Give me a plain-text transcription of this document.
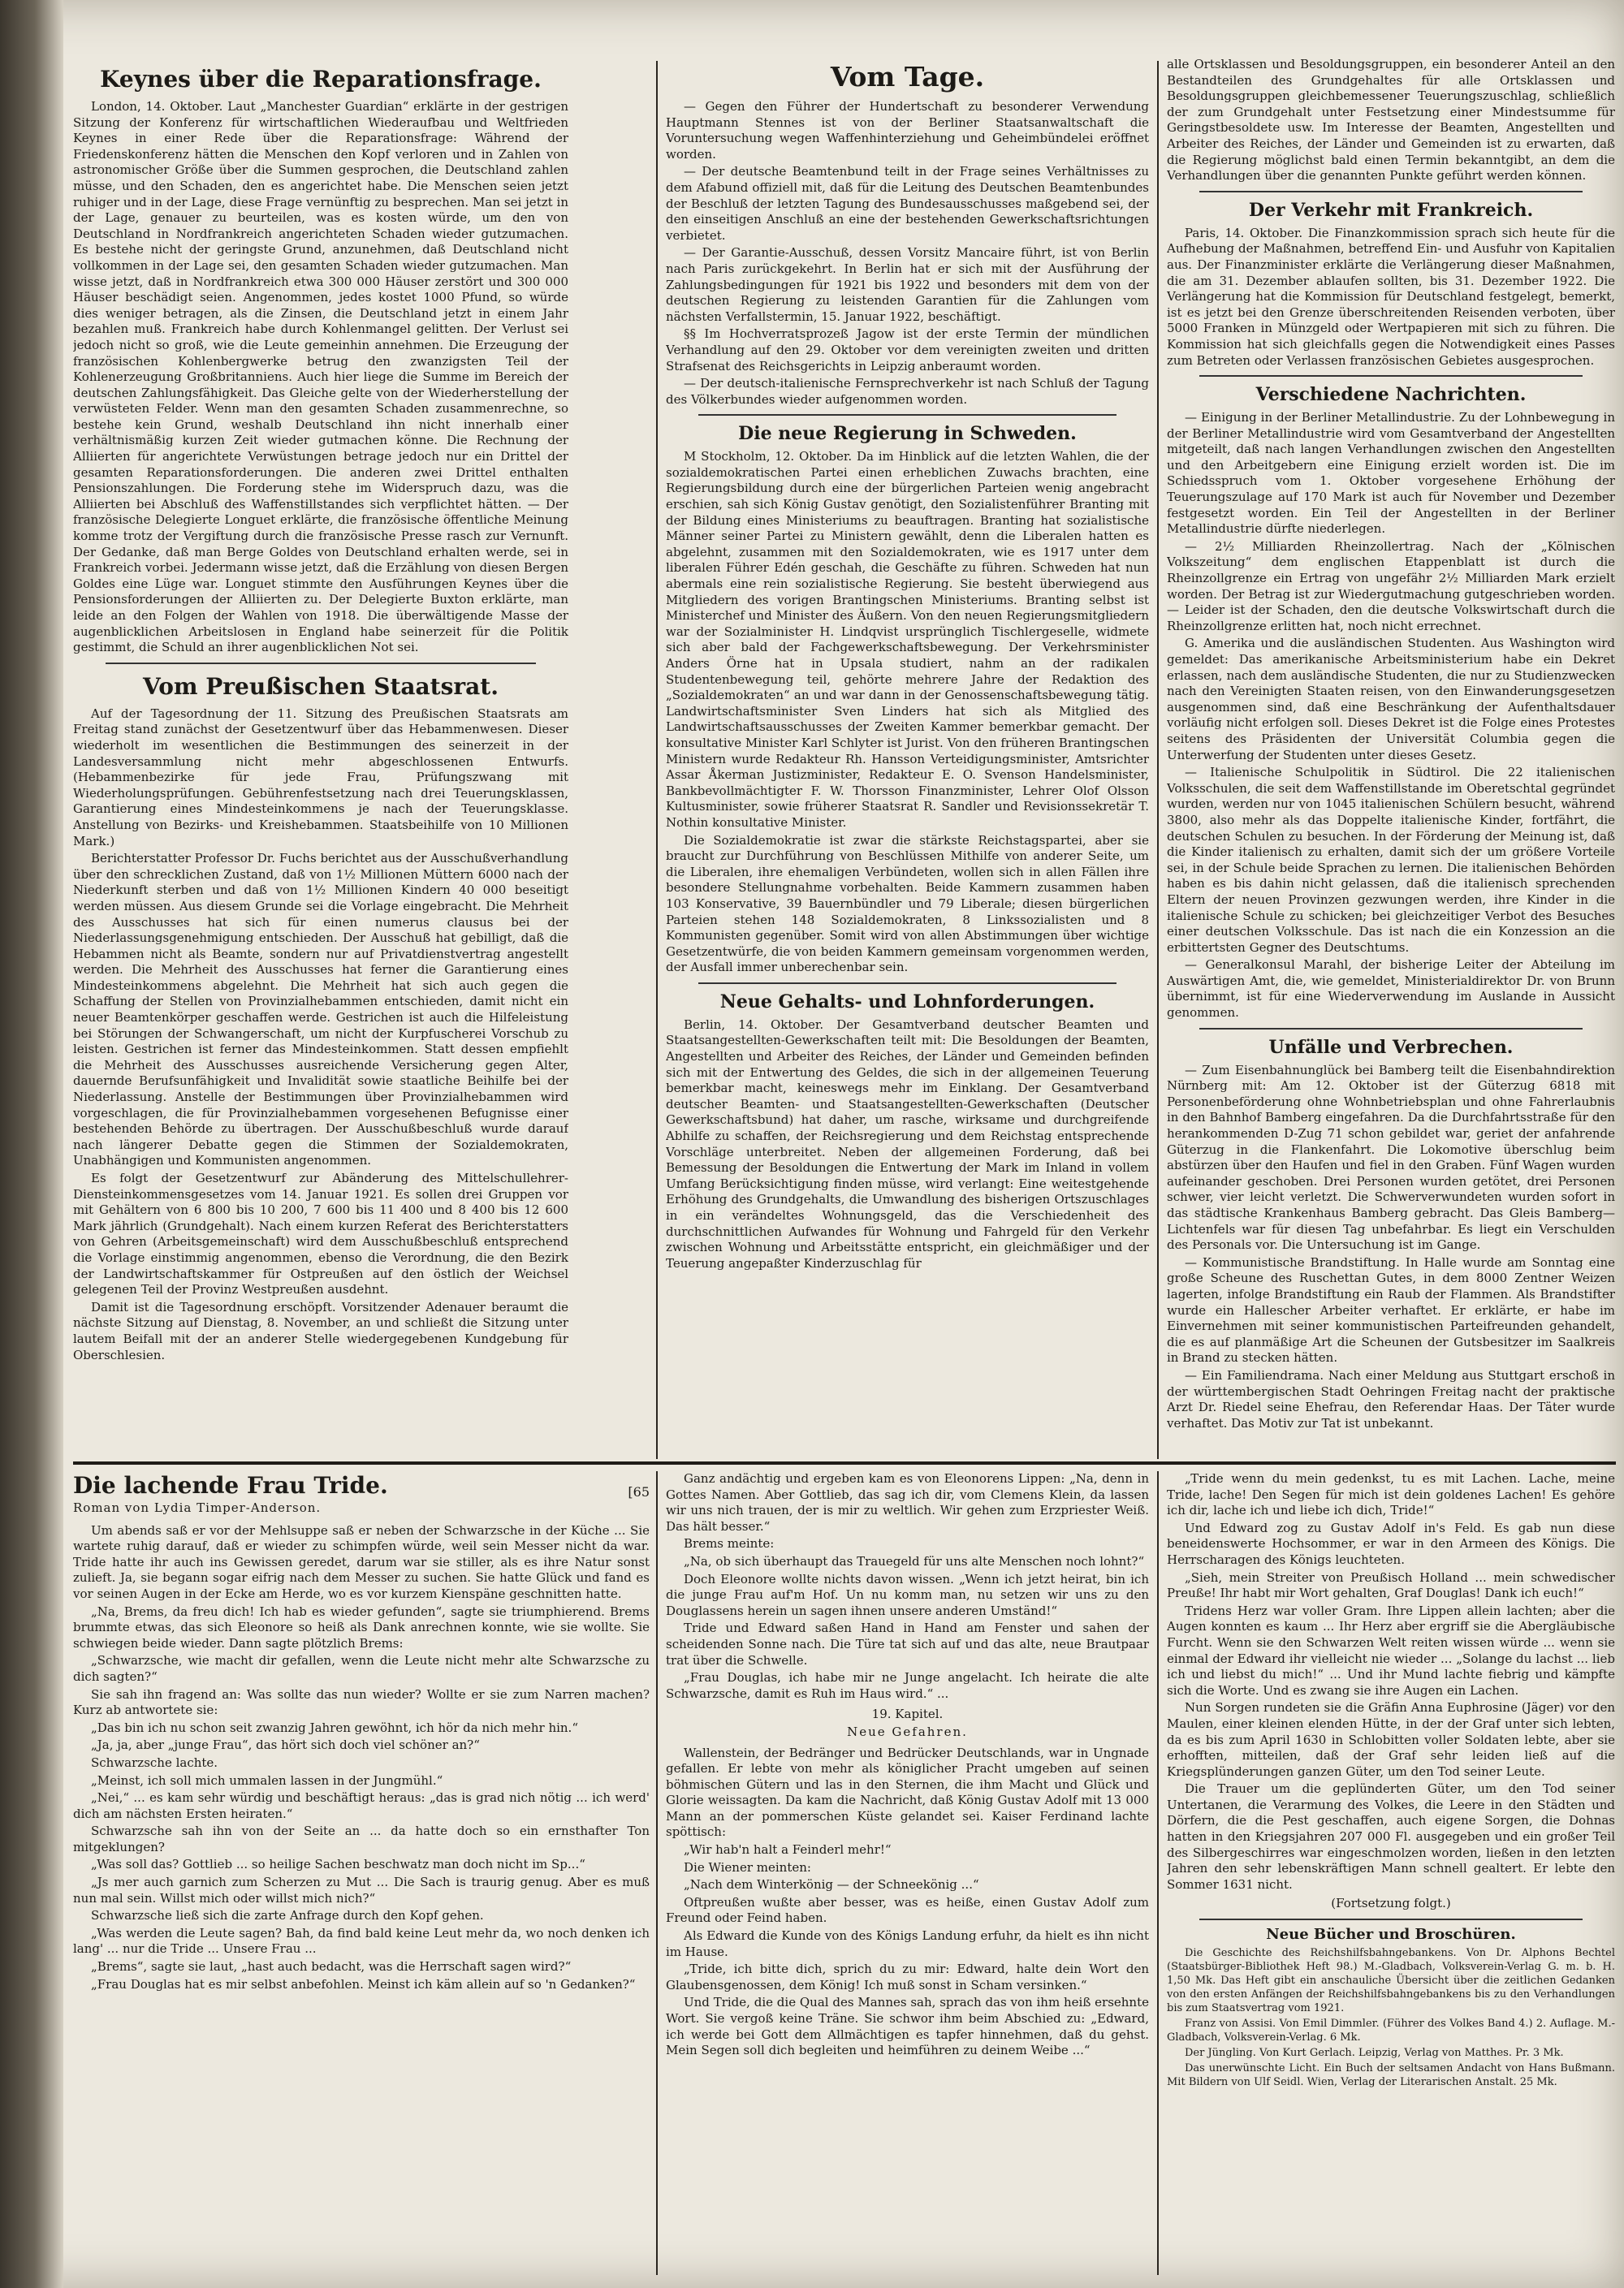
Keynes über die Reparationsfrage.
London, 14. Oktober. Laut „Manchester Guardian“ erklärte in der gestrigen Sitzung der Konferenz für wirtschaftlichen Wiederaufbau und Weltfrieden Keynes in einer Rede über die Reparationsfrage: Während der Friedenskonferenz hätten die Menschen den Kopf verloren und in Zahlen von astronomischer Größe über die Summen gesprochen, die Deutschland zahlen müsse, und den Schaden, den es angerichtet habe. Die Menschen seien jetzt ruhiger und in der Lage, diese Frage vernünftig zu besprechen. Man sei jetzt in der Lage, genauer zu beurteilen, was es kosten würde, um den von Deutschland in Nordfrankreich angerichteten Schaden wieder gutzumachen. Es bestehe nicht der geringste Grund, anzunehmen, daß Deutschland nicht vollkommen in der Lage sei, den gesamten Schaden wieder gutzumachen. Man wisse jetzt, daß in Nordfrankreich etwa 300 000 Häuser zerstört und 300 000 Häuser beschädigt seien. Angenommen, jedes kostet 1000 Pfund, so würde dies weniger betragen, als die Zinsen, die Deutschland jetzt in einem Jahr bezahlen muß. Frankreich habe durch Kohlenmangel gelitten. Der Verlust sei jedoch nicht so groß, wie die Leute gemeinhin annehmen. Die Erzeugung der französischen Kohlenbergwerke betrug den zwanzigsten Teil der Kohlenerzeugung Großbritanniens. Auch hier liege die Summe im Bereich der deutschen Zahlungsfähigkeit. Das Gleiche gelte von der Wiederherstellung der verwüsteten Felder. Wenn man den gesamten Schaden zusammenrechne, so bestehe kein Grund, weshalb Deutschland ihn nicht innerhalb einer verhältnismäßig kurzen Zeit wieder gutmachen könne. Die Rechnung der Alliierten für angerichtete Verwüstungen betrage jedoch nur ein Drittel der gesamten Reparationsforderungen. Die anderen zwei Drittel enthalten Pensionszahlungen. Die Forderung stehe im Widerspruch dazu, was die Alliierten bei Abschluß des Waffenstillstandes sich verpflichtet hätten. — Der französische Delegierte Longuet erklärte, die französische öffentliche Meinung komme trotz der Vergiftung durch die französische Presse rasch zur Vernunft. Der Gedanke, daß man Berge Goldes von Deutschland erhalten werde, sei in Frankreich vorbei. Jedermann wisse jetzt, daß die Erzählung von diesen Bergen Goldes eine Lüge war. Longuet stimmte den Ausführungen Keynes über die Pensionsforderungen der Alliierten zu. Der Delegierte Buxton erklärte, man leide an den Folgen der Wahlen von 1918. Die überwältigende Masse der augenblicklichen Arbeitslosen in England habe seinerzeit für die Politik gestimmt, die Schuld an ihrer augenblicklichen Not sei.
Vom Preußischen Staatsrat.
Auf der Tagesordnung der 11. Sitzung des Preußischen Staatsrats am Freitag stand zunächst der Gesetzentwurf über das Hebammenwesen. Dieser wiederholt im wesentlichen die Bestimmungen des seinerzeit in der Landesversammlung nicht mehr abgeschlossenen Entwurfs. (Hebammenbezirke für jede Frau, Prüfungszwang mit Wiederholungsprüfungen. Gebührenfestsetzung nach drei Teuerungsklassen, Garantierung eines Mindesteinkommens je nach der Teuerungsklasse. Anstellung von Bezirks- und Kreishebammen. Staatsbeihilfe von 10 Millionen Mark.)
Berichterstatter Professor Dr. Fuchs berichtet aus der Ausschußverhandlung über den schrecklichen Zustand, daß von 1½ Millionen Müttern 6000 nach der Niederkunft sterben und daß von 1½ Millionen Kindern 40 000 beseitigt werden müssen. Aus diesem Grunde sei die Vorlage eingebracht. Die Mehrheit des Ausschusses hat sich für einen numerus clausus bei der Niederlassungsgenehmigung entschieden. Der Ausschuß hat gebilligt, daß die Hebammen nicht als Beamte, sondern nur auf Privatdienstvertrag angestellt werden. Die Mehrheit des Ausschusses hat ferner die Garantierung eines Mindesteinkommens abgelehnt. Die Mehrheit hat sich auch gegen die Schaffung der Stellen von Provinzialhebammen entschieden, damit nicht ein neuer Beamtenkörper geschaffen werde. Gestrichen ist auch die Hilfeleistung bei Störungen der Schwangerschaft, um nicht der Kurpfuscherei Vorschub zu leisten. Gestrichen ist ferner das Mindesteinkommen. Statt dessen empfiehlt die Mehrheit des Ausschusses ausreichende Versicherung gegen Alter, dauernde Berufsunfähigkeit und Invalidität sowie staatliche Beihilfe bei der Niederlassung. Anstelle der Bestimmungen über Provinzialhebammen wird vorgeschlagen, die für Provinzialhebammen vorgesehenen Befugnisse einer bestehenden Behörde zu übertragen. Der Ausschußbeschluß wurde darauf nach längerer Debatte gegen die Stimmen der Sozialdemokraten, Unabhängigen und Kommunisten angenommen.
Es folgt der Gesetzentwurf zur Abänderung des Mittelschullehrer-Diensteinkommensgesetzes vom 14. Januar 1921. Es sollen drei Gruppen vor mit Gehältern von 6 800 bis 10 200, 7 600 bis 11 400 und 8 400 bis 12 600 Mark jährlich (Grundgehalt). Nach einem kurzen Referat des Berichterstatters von Gehren (Arbeitsgemeinschaft) wird dem Ausschußbeschluß entsprechend die Vorlage einstimmig angenommen, ebenso die Verordnung, die den Bezirk der Landwirtschaftskammer für Ostpreußen auf den östlich der Weichsel gelegenen Teil der Provinz Westpreußen ausdehnt.
Damit ist die Tagesordnung erschöpft. Vorsitzender Adenauer beraumt die nächste Sitzung auf Dienstag, 8. November, an und schließt die Sitzung unter lautem Beifall mit der an anderer Stelle wiedergegebenen Kundgebung für Oberschlesien.
Vom Tage.
— Gegen den Führer der Hundertschaft zu besonderer Verwendung Hauptmann Stennes ist von der Berliner Staatsanwaltschaft die Voruntersuchung wegen Waffenhinterziehung und Geheimbündelei eröffnet worden.
— Der deutsche Beamtenbund teilt in der Frage seines Verhältnisses zu dem Afabund offiziell mit, daß für die Leitung des Deutschen Beamtenbundes der Beschluß der letzten Tagung des Bundesausschusses maßgebend sei, der den einseitigen Anschluß an eine der bestehenden Gewerkschaftsrichtungen verbietet.
— Der Garantie-Ausschuß, dessen Vorsitz Mancaire führt, ist von Berlin nach Paris zurückgekehrt. In Berlin hat er sich mit der Ausführung der Zahlungsbedingungen für 1921 bis 1922 und besonders mit dem von der deutschen Regierung zu leistenden Garantien für die Zahlungen vom nächsten Verfallstermin, 15. Januar 1922, beschäftigt.
§§ Im Hochverratsprozeß Jagow ist der erste Termin der mündlichen Verhandlung auf den 29. Oktober vor dem vereinigten zweiten und dritten Strafsenat des Reichsgerichts in Leipzig anberaumt worden.
— Der deutsch-italienische Fernsprechverkehr ist nach Schluß der Tagung des Völkerbundes wieder aufgenommen worden.
Die neue Regierung in Schweden.
M Stockholm, 12. Oktober. Da im Hinblick auf die letzten Wahlen, die der sozialdemokratischen Partei einen erheblichen Zuwachs brachten, eine Regierungsbildung durch eine der bürgerlichen Parteien wenig angebracht erschien, sah sich König Gustav genötigt, den Sozialistenführer Branting mit der Bildung eines Ministeriums zu beauftragen. Branting hat sozialistische Männer seiner Partei zu Ministern gewählt, denn die Liberalen hatten es abgelehnt, zusammen mit den Sozialdemokraten, wie es 1917 unter dem liberalen Führer Edén geschah, die Geschäfte zu führen. Schweden hat nun abermals eine rein sozialistische Regierung. Sie besteht überwiegend aus Mitgliedern des vorigen Brantingschen Ministeriums. Branting selbst ist Ministerchef und Minister des Äußern. Von den neuen Regierungsmitgliedern war der Sozialminister H. Lindqvist ursprünglich Tischlergeselle, widmete sich aber bald der Fachgewerkschaftsbewegung. Der Verkehrsminister Anders Örne hat in Upsala studiert, nahm an der radikalen Studentenbewegung teil, gehörte mehrere Jahre der Redaktion des „Sozialdemokraten“ an und war dann in der Genossenschaftsbewegung tätig. Landwirtschaftsminister Sven Linders hat sich als Mitglied des Landwirtschaftsausschusses der Zweiten Kammer bemerkbar gemacht. Der konsultative Minister Karl Schlyter ist Jurist. Von den früheren Brantingschen Ministern wurde Redakteur Rh. Hansson Verteidigungsminister, Amtsrichter Assar Åkerman Justizminister, Redakteur E. O. Svenson Handelsminister, Bankbevollmächtigter F. W. Thorsson Finanzminister, Lehrer Olof Olsson Kultusminister, sowie früherer Staatsrat R. Sandler und Revisionssekretär T. Nothin konsultative Minister.
Die Sozialdemokratie ist zwar die stärkste Reichstagspartei, aber sie braucht zur Durchführung von Beschlüssen Mithilfe von anderer Seite, um die Liberalen, ihre ehemaligen Verbündeten, wollen sich in allen Fällen ihre besondere Stellungnahme vorbehalten. Beide Kammern zusammen haben 103 Konservative, 39 Bauernbündler und 79 Liberale; diesen bürgerlichen Parteien stehen 148 Sozialdemokraten, 8 Linkssozialisten und 8 Kommunisten gegenüber. Somit wird von allen Abstimmungen über wichtige Gesetzentwürfe, die von beiden Kammern gemeinsam vorgenommen werden, der Ausfall immer unberechenbar sein.
Neue Gehalts- und Lohnforderungen.
Berlin, 14. Oktober. Der Gesamtverband deutscher Beamten und Staatsangestellten-Gewerkschaften teilt mit: Die Besoldungen der Beamten, Angestellten und Arbeiter des Reiches, der Länder und Gemeinden befinden sich mit der Entwertung des Geldes, die sich in der allgemeinen Teuerung bemerkbar macht, keineswegs mehr im Einklang. Der Gesamtverband deutscher Beamten- und Staatsangestellten-Gewerkschaften (Deutscher Gewerkschaftsbund) hat daher, um rasche, wirksame und durchgreifende Abhilfe zu schaffen, der Reichsregierung und dem Reichstag entsprechende Vorschläge unterbreitet. Neben der allgemeinen Forderung, daß bei Bemessung der Besoldungen die Entwertung der Mark im Inland in vollem Umfang Berücksichtigung finden müsse, wird verlangt: Eine weitestgehende Erhöhung des Grundgehalts, die Umwandlung des bisherigen Ortszuschlages in ein verändeltes Wohnungsgeld, das die Verschiedenheit des durchschnittlichen Aufwandes für Wohnung und Fahrgeld für den Verkehr zwischen Wohnung und Arbeitsstätte entspricht, ein gleichmäßiger und der Teuerung angepaßter Kinderzuschlag für
alle Ortsklassen und Besoldungsgruppen, ein besonderer Anteil an den Bestandteilen des Grundgehaltes für alle Ortsklassen und Besoldungsgruppen gleichbemessener Teuerungszuschlag, schließlich der zum Grundgehalt unter Festsetzung einer Mindestsumme für Geringstbesoldete usw. Im Interesse der Beamten, Angestellten und Arbeiter des Reiches, der Länder und Gemeinden ist zu erwarten, daß die Regierung möglichst bald einen Termin bekanntgibt, an dem die Verhandlungen über die genannten Punkte geführt werden können.
Der Verkehr mit Frankreich.
Paris, 14. Oktober. Die Finanzkommission sprach sich heute für die Aufhebung der Maßnahmen, betreffend Ein- und Ausfuhr von Kapitalien aus. Der Finanzminister erklärte die Verlängerung dieser Maßnahmen, die am 31. Dezember ablaufen sollten, bis 31. Dezember 1922. Die Verlängerung hat die Kommission für Deutschland festgelegt, bemerkt, ist es jetzt bei den Grenze überschreitenden Reisenden verboten, über 5000 Franken in Münzgeld oder Wertpapieren mit sich zu führen. Die Kommission hat sich gleichfalls gegen die Notwendigkeit eines Passes zum Betreten oder Verlassen französischen Gebietes ausgesprochen.
Verschiedene Nachrichten.
— Einigung in der Berliner Metallindustrie. Zu der Lohnbewegung in der Berliner Metallindustrie wird vom Gesamtverband der Angestellten mitgeteilt, daß nach langen Verhandlungen zwischen den Angestellten und den Arbeitgebern eine Einigung erzielt worden ist. Die im Schiedsspruch vom 1. Oktober vorgesehene Erhöhung der Teuerungszulage auf 170 Mark ist auch für November und Dezember festgesetzt worden. Ein Teil der Angestellten in der Berliner Metallindustrie dürfte niederlegen.
— 2½ Milliarden Rheinzollertrag. Nach der „Kölnischen Volkszeitung“ dem englischen Etappenblatt ist durch die Rheinzollgrenze ein Ertrag von ungefähr 2½ Milliarden Mark erzielt worden. Der Betrag ist zur Wiedergutmachung gutgeschrieben worden. — Leider ist der Schaden, den die deutsche Volkswirtschaft durch die Rheinzollgrenze erlitten hat, noch nicht errechnet.
G. Amerika und die ausländischen Studenten. Aus Washington wird gemeldet: Das amerikanische Arbeitsministerium habe ein Dekret erlassen, nach dem ausländische Studenten, die nur zu Studienzwecken nach den Vereinigten Staaten reisen, von den Einwanderungsgesetzen ausgenommen sind, daß eine Beschränkung der Aufenthaltsdauer vorläufig nicht erfolgen soll. Dieses Dekret ist die Folge eines Protestes seitens des Präsidenten der Universität Columbia gegen die Unterwerfung der Studenten unter dieses Gesetz.
— Italienische Schulpolitik in Südtirol. Die 22 italienischen Volksschulen, die seit dem Waffenstillstande im Oberetschtal gegründet wurden, werden nur von 1045 italienischen Schülern besucht, während 3800, also mehr als das Doppelte italienische Kinder, fortfährt, die deutschen Schulen zu besuchen. In der Förderung der Meinung ist, daß die Kinder italienisch zu erhalten, damit sich der um größere Vorteile sei, in der Schule beide Sprachen zu lernen. Die italienischen Behörden haben es bis dahin nicht gelassen, daß die italienisch sprechenden Eltern der neuen Provinzen gezwungen werden, ihre Kinder in die italienische Schule zu schicken; bei gleichzeitiger Verbot des Besuches einer deutschen Volksschule. Das ist nach die ein Konzession an die erbittertsten Gegner des Deutschtums.
— Generalkonsul Marahl, der bisherige Leiter der Abteilung im Auswärtigen Amt, die, wie gemeldet, Ministerialdirektor Dr. von Brunn übernimmt, ist für eine Wiederverwendung im Auslande in Aussicht genommen.
Unfälle und Verbrechen.
— Zum Eisenbahnunglück bei Bamberg teilt die Eisenbahndirektion Nürnberg mit: Am 12. Oktober ist der Güterzug 6818 mit Personenbeförderung ohne Wohnbetriebsplan und ohne Fahrerlaubnis in den Bahnhof Bamberg eingefahren. Da die Durchfahrtsstraße für den herankommenden D-Zug 71 schon gebildet war, geriet der anfahrende Güterzug in die Flankenfahrt. Die Lokomotive überschlug beim abstürzen über den Haufen und fiel in den Graben. Fünf Wagen wurden aufeinander geschoben. Drei Personen wurden getötet, drei Personen schwer, vier leicht verletzt. Die Schwerverwundeten wurden sofort in das städtische Krankenhaus Bamberg gebracht. Das Gleis Bamberg—Lichtenfels war für diesen Tag unbefahrbar. Es liegt ein Verschulden des Personals vor. Die Untersuchung ist im Gange.
— Kommunistische Brandstiftung. In Halle wurde am Sonntag eine große Scheune des Ruschettan Gutes, in dem 8000 Zentner Weizen lagerten, infolge Brandstiftung ein Raub der Flammen. Als Brandstifter wurde ein Hallescher Arbeiter verhaftet. Er erklärte, er habe im Einvernehmen mit seiner kommunistischen Parteifreunden gehandelt, die es auf planmäßige Art die Scheunen der Gutsbesitzer im Saalkreis in Brand zu stecken hätten.
— Ein Familiendrama. Nach einer Meldung aus Stuttgart erschoß in der württembergischen Stadt Oehringen Freitag nacht der praktische Arzt Dr. Riedel seine Ehefrau, den Referendar Haas. Der Täter wurde verhaftet. Das Motiv zur Tat ist unbekannt.
Die lachende Frau Tride.	[65
Roman von Lydia Timper-Anderson.
Um abends saß er vor der Mehlsuppe saß er neben der Schwarzsche in der Küche ... Sie wartete ruhig darauf, daß er wieder zu schimpfen würde, weil sein Messer nicht da war. Tride hatte ihr auch ins Gewissen geredet, darum war sie stiller, als es ihre Natur sonst zulieft. Ja, sie begann sogar eifrig nach dem Messer zu suchen. Sie hatte Glück und fand es vor seinen Augen in der Ecke am Herde, wo es vor kurzem Kienspäne geschnitten hatte.
„Na, Brems, da freu dich! Ich hab es wieder gefunden“, sagte sie triumphierend. Brems brummte etwas, das sich Eleonore so heiß als Dank anrechnen konnte, wie sie wollte. Sie schwiegen beide wieder. Dann sagte plötzlich Brems:
„Schwarzsche, wie macht dir gefallen, wenn die Leute nicht mehr alte Schwarzsche zu dich sagten?“
Sie sah ihn fragend an: Was sollte das nun wieder? Wollte er sie zum Narren machen? Kurz ab antwortete sie:
„Das bin ich nu schon seit zwanzig Jahren gewöhnt, ich hör da nich mehr hin.“
„Ja, ja, aber „junge Frau“, das hört sich doch viel schöner an?“
Schwarzsche lachte.
„Meinst, ich soll mich ummalen lassen in der Jungmühl.“
„Nei,“ ... es kam sehr würdig und beschäftigt heraus: „das is grad nich nötig ... ich werd' dich am nächsten Ersten heiraten.“
Schwarzsche sah ihn von der Seite an ... da hatte doch so ein ernsthafter Ton mitgeklungen?
„Was soll das? Gottlieb ... so heilige Sachen beschwatz man doch nicht im Sp...“
„Js mer auch garnich zum Scherzen zu Mut ... Die Sach is traurig genug. Aber es muß nun mal sein. Willst mich oder willst mich nich?“
Schwarzsche ließ sich die zarte Anfrage durch den Kopf gehen.
„Was werden die Leute sagen? Bah, da find bald keine Leut mehr da, wo noch denken ich lang' ... nur die Tride ... Unsere Frau ...
„Brems“, sagte sie laut, „hast auch bedacht, was die Herrschaft sagen wird?“
„Frau Douglas hat es mir selbst anbefohlen. Meinst ich käm allein auf so 'n Gedanken?“
Ganz andächtig und ergeben kam es von Eleonorens Lippen: „Na, denn in Gottes Namen. Aber Gottlieb, das sag ich dir, vom Clemens Klein, da lassen wir uns nich trauen, der is mir zu weltlich. Wir gehen zum Erzpriester Weiß. Das hält besser.“
Brems meinte:
„Na, ob sich überhaupt das Trauegeld für uns alte Menschen noch lohnt?“
Doch Eleonore wollte nichts davon wissen. „Wenn ich jetzt heirat, bin ich die junge Frau auf'm Hof. Un nu komm man, nu setzen wir uns zu den Douglassens herein un sagen ihnen unsere anderen Umständ!“
Tride und Edward saßen Hand in Hand am Fenster und sahen der scheidenden Sonne nach. Die Türe tat sich auf und das alte, neue Brautpaar trat über die Schwelle.
„Frau Douglas, ich habe mir ne Junge angelacht. Ich heirate die alte Schwarzsche, damit es Ruh im Haus wird.“ ...
19. Kapitel.
Neue Gefahren.
Wallenstein, der Bedränger und Bedrücker Deutschlands, war in Ungnade gefallen. Er lebte von mehr als königlicher Pracht umgeben auf seinen böhmischen Gütern und las in den Sternen, die ihm Macht und Glück und Glorie weissagten. Da kam die Nachricht, daß König Gustav Adolf mit 13 000 Mann an der pommerschen Küste gelandet sei. Kaiser Ferdinand lachte spöttisch:
„Wir hab'n halt a Feinderl mehr!“
Die Wiener meinten:
„Nach dem Winterkönig — der Schneekönig ...“
Oftpreußen wußte aber besser, was es heiße, einen Gustav Adolf zum Freund oder Feind haben.
Als Edward die Kunde von des Königs Landung erfuhr, da hielt es ihn nicht im Hause.
„Tride, ich bitte dich, sprich du zu mir: Edward, halte dein Wort den Glaubensgenossen, dem König! Ich muß sonst in Scham versinken.“
Und Tride, die die Qual des Mannes sah, sprach das von ihm heiß ersehnte Wort. Sie vergoß keine Träne. Sie schwor ihm beim Abschied zu: „Edward, ich werde bei Gott dem Allmächtigen es tapfer hinnehmen, daß du gehst. Mein Segen soll dich begleiten und heimführen zu deinem Weibe ...“
„Tride wenn du mein gedenkst, tu es mit Lachen. Lache, meine Tride, lache! Den Segen für mich ist dein goldenes Lachen! Es gehöre ich dir, lache ich und liebe ich dich, Tride!“
Und Edward zog zu Gustav Adolf in's Feld. Es gab nun diese beneidenswerte Hochsommer, er war in den Armeen des Königs. Die Herrscharagen des Königs leuchteten.
„Sieh, mein Streiter von Preußisch Holland ... mein schwedischer Preuße! Ihr habt mir Wort gehalten, Graf Douglas! Dank ich euch!“
Tridens Herz war voller Gram. Ihre Lippen allein lachten; aber die Augen konnten es kaum ... Ihr Herz aber ergriff sie die Abergläubische Furcht. Wenn sie den Schwarzen Welt reiten wissen würde ... wenn sie einmal der Edward ihr vielleicht nie wieder ... „Solange du lachst ... lieb ich und liebst du mich!“ ... Und ihr Mund lachte fiebrig und kämpfte sich die Worte. Und es zwang sie ihre Augen ein Lachen.
Nun Sorgen rundeten sie die Gräfin Anna Euphrosine (Jäger) vor den Maulen, einer kleinen elenden Hütte, in der der Graf unter sich lebten, da es bis zum April 1630 in Schlobitten voller Soldaten lebte, aber sie erhofften, mitteilen, daß der Graf sehr leiden ließ auf die Kriegsplünderungen ganzen Güter, um den Tod seiner Leute.
Die Trauer um die geplünderten Güter, um den Tod seiner Untertanen, die Verarmung des Volkes, die Leere in den Städten und Dörfern, die die Pest geschaffen, auch eigene Sorgen, die Dohnas hatten in den Kriegsjahren 207 000 Fl. ausgegeben und ein großer Teil des Silbergeschirres war eingeschmolzen worden, ließen in den letzten Jahren den sehr lebenskräftigen Mann schnell gealtert. Er lebte den Sommer 1631 nicht.
(Fortsetzung folgt.)
Neue Bücher und Broschüren.
Die Geschichte des Reichshilfsbahngebankens. Von Dr. Alphons Bechtel (Staatsbürger-Bibliothek Heft 98.) M.-Gladbach, Volksverein-Verlag G. m. b. H. 1,50 Mk. Das Heft gibt ein anschauliche Übersicht über die zeitlichen Gedanken von den ersten Anfängen der Reichshilfsbahngebankens bis zu den Verhandlungen bis zum Staatsvertrag vom 1921.
Franz von Assisi. Von Emil Dimmler. (Führer des Volkes Band 4.) 2. Auflage. M.-Gladbach, Volksverein-Verlag. 6 Mk.
Der Jüngling. Von Kurt Gerlach. Leipzig, Verlag von Matthes. Pr. 3 Mk.
Das unerwünschte Licht. Ein Buch der seltsamen Andacht von Hans Bußmann. Mit Bildern von Ulf Seidl. Wien, Verlag der Literarischen Anstalt. 25 Mk.
